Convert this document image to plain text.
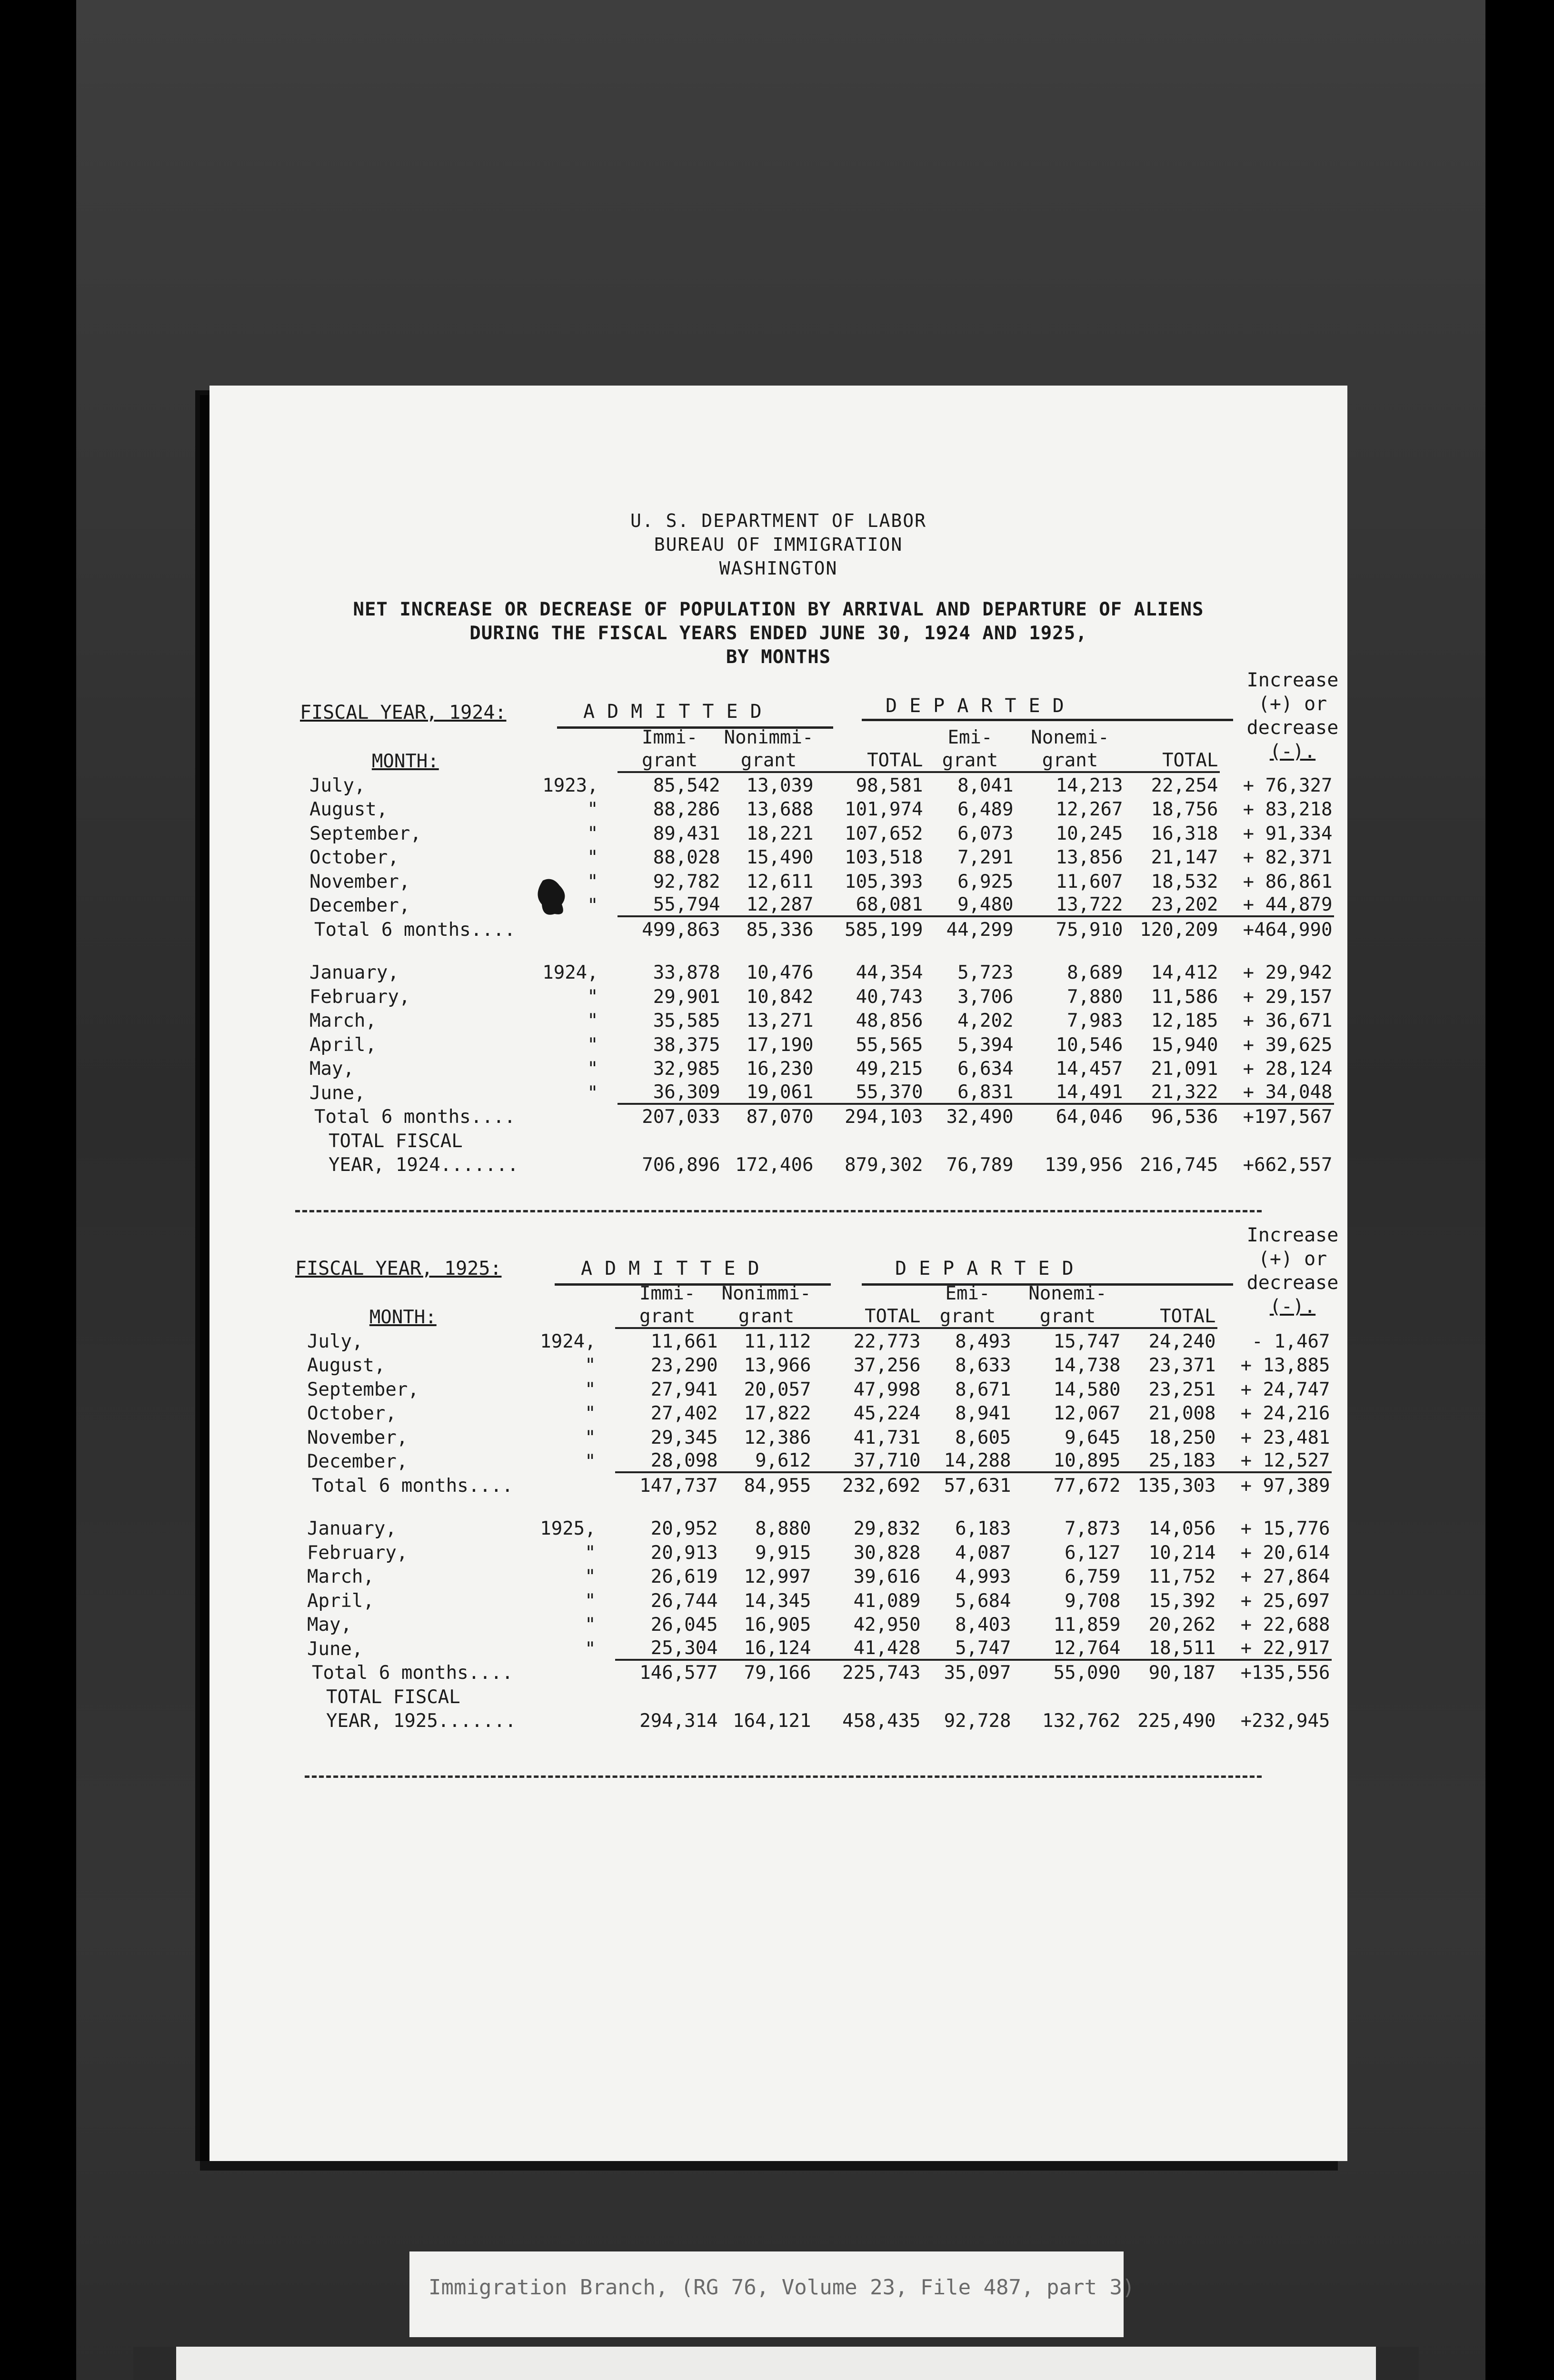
U. S. DEPARTMENT OF LABOR
BUREAU OF IMMIGRATION
WASHINGTON
NET INCREASE OR DECREASE OF POPULATION BY ARRIVAL AND DEPARTURE OF ALIENS
DURING THE FISCAL YEARS ENDED JUNE 30, 1924 AND 1925,
BY MONTHS
FISCAL YEAR, 1924:	ADMITTED	DEPARTED
Increase
(+) or
decrease
(-).
		Immi-	Nonimmi-		Emi-	Nonemi-		
MONTH:		grant	grant	TOTAL	grant	grant	TOTAL	
July,	1923,	85,542	13,039	98,581	8,041	14,213	22,254	+ 76,327
August,	"	88,286	13,688	101,974	6,489	12,267	18,756	+ 83,218
September,	"	89,431	18,221	107,652	6,073	10,245	16,318	+ 91,334
October,	"	88,028	15,490	103,518	7,291	13,856	21,147	+ 82,371
November,	"	92,782	12,611	105,393	6,925	11,607	18,532	+ 86,861
December,	"	55,794	12,287	68,081	9,480	13,722	23,202	+ 44,879
Total 6 months....		499,863	85,336	585,199	44,299	75,910	120,209	+464,990

January,	1924,	33,878	10,476	44,354	5,723	8,689	14,412	+ 29,942
February,	"	29,901	10,842	40,743	3,706	7,880	11,586	+ 29,157
March,	"	35,585	13,271	48,856	4,202	7,983	12,185	+ 36,671
April,	"	38,375	17,190	55,565	5,394	10,546	15,940	+ 39,625
May,	"	32,985	16,230	49,215	6,634	14,457	21,091	+ 28,124
June,	"	36,309	19,061	55,370	6,831	14,491	21,322	+ 34,048
Total 6 months....		207,033	87,070	294,103	32,490	64,046	96,536	+197,567
TOTAL FISCAL								
YEAR, 1924.......		706,896	172,406	879,302	76,789	139,956	216,745	+662,557
FISCAL YEAR, 1925:	ADMITTED	DEPARTED
Increase
(+) or
decrease
(-).
		Immi-	Nonimmi-		Emi-	Nonemi-		
MONTH:		grant	grant	TOTAL	grant	grant	TOTAL	
July,	1924,	11,661	11,112	22,773	8,493	15,747	24,240	- 1,467
August,	"	23,290	13,966	37,256	8,633	14,738	23,371	+ 13,885
September,	"	27,941	20,057	47,998	8,671	14,580	23,251	+ 24,747
October,	"	27,402	17,822	45,224	8,941	12,067	21,008	+ 24,216
November,	"	29,345	12,386	41,731	8,605	9,645	18,250	+ 23,481
December,	"	28,098	9,612	37,710	14,288	10,895	25,183	+ 12,527
Total 6 months....		147,737	84,955	232,692	57,631	77,672	135,303	+ 97,389

January,	1925,	20,952	8,880	29,832	6,183	7,873	14,056	+ 15,776
February,	"	20,913	9,915	30,828	4,087	6,127	10,214	+ 20,614
March,	"	26,619	12,997	39,616	4,993	6,759	11,752	+ 27,864
April,	"	26,744	14,345	41,089	5,684	9,708	15,392	+ 25,697
May,	"	26,045	16,905	42,950	8,403	11,859	20,262	+ 22,688
June,	"	25,304	16,124	41,428	5,747	12,764	18,511	+ 22,917
Total 6 months....		146,577	79,166	225,743	35,097	55,090	90,187	+135,556
TOTAL FISCAL								
YEAR, 1925.......		294,314	164,121	458,435	92,728	132,762	225,490	+232,945
Immigration Branch, (RG 76, Volume 23, File 487, part 3)
